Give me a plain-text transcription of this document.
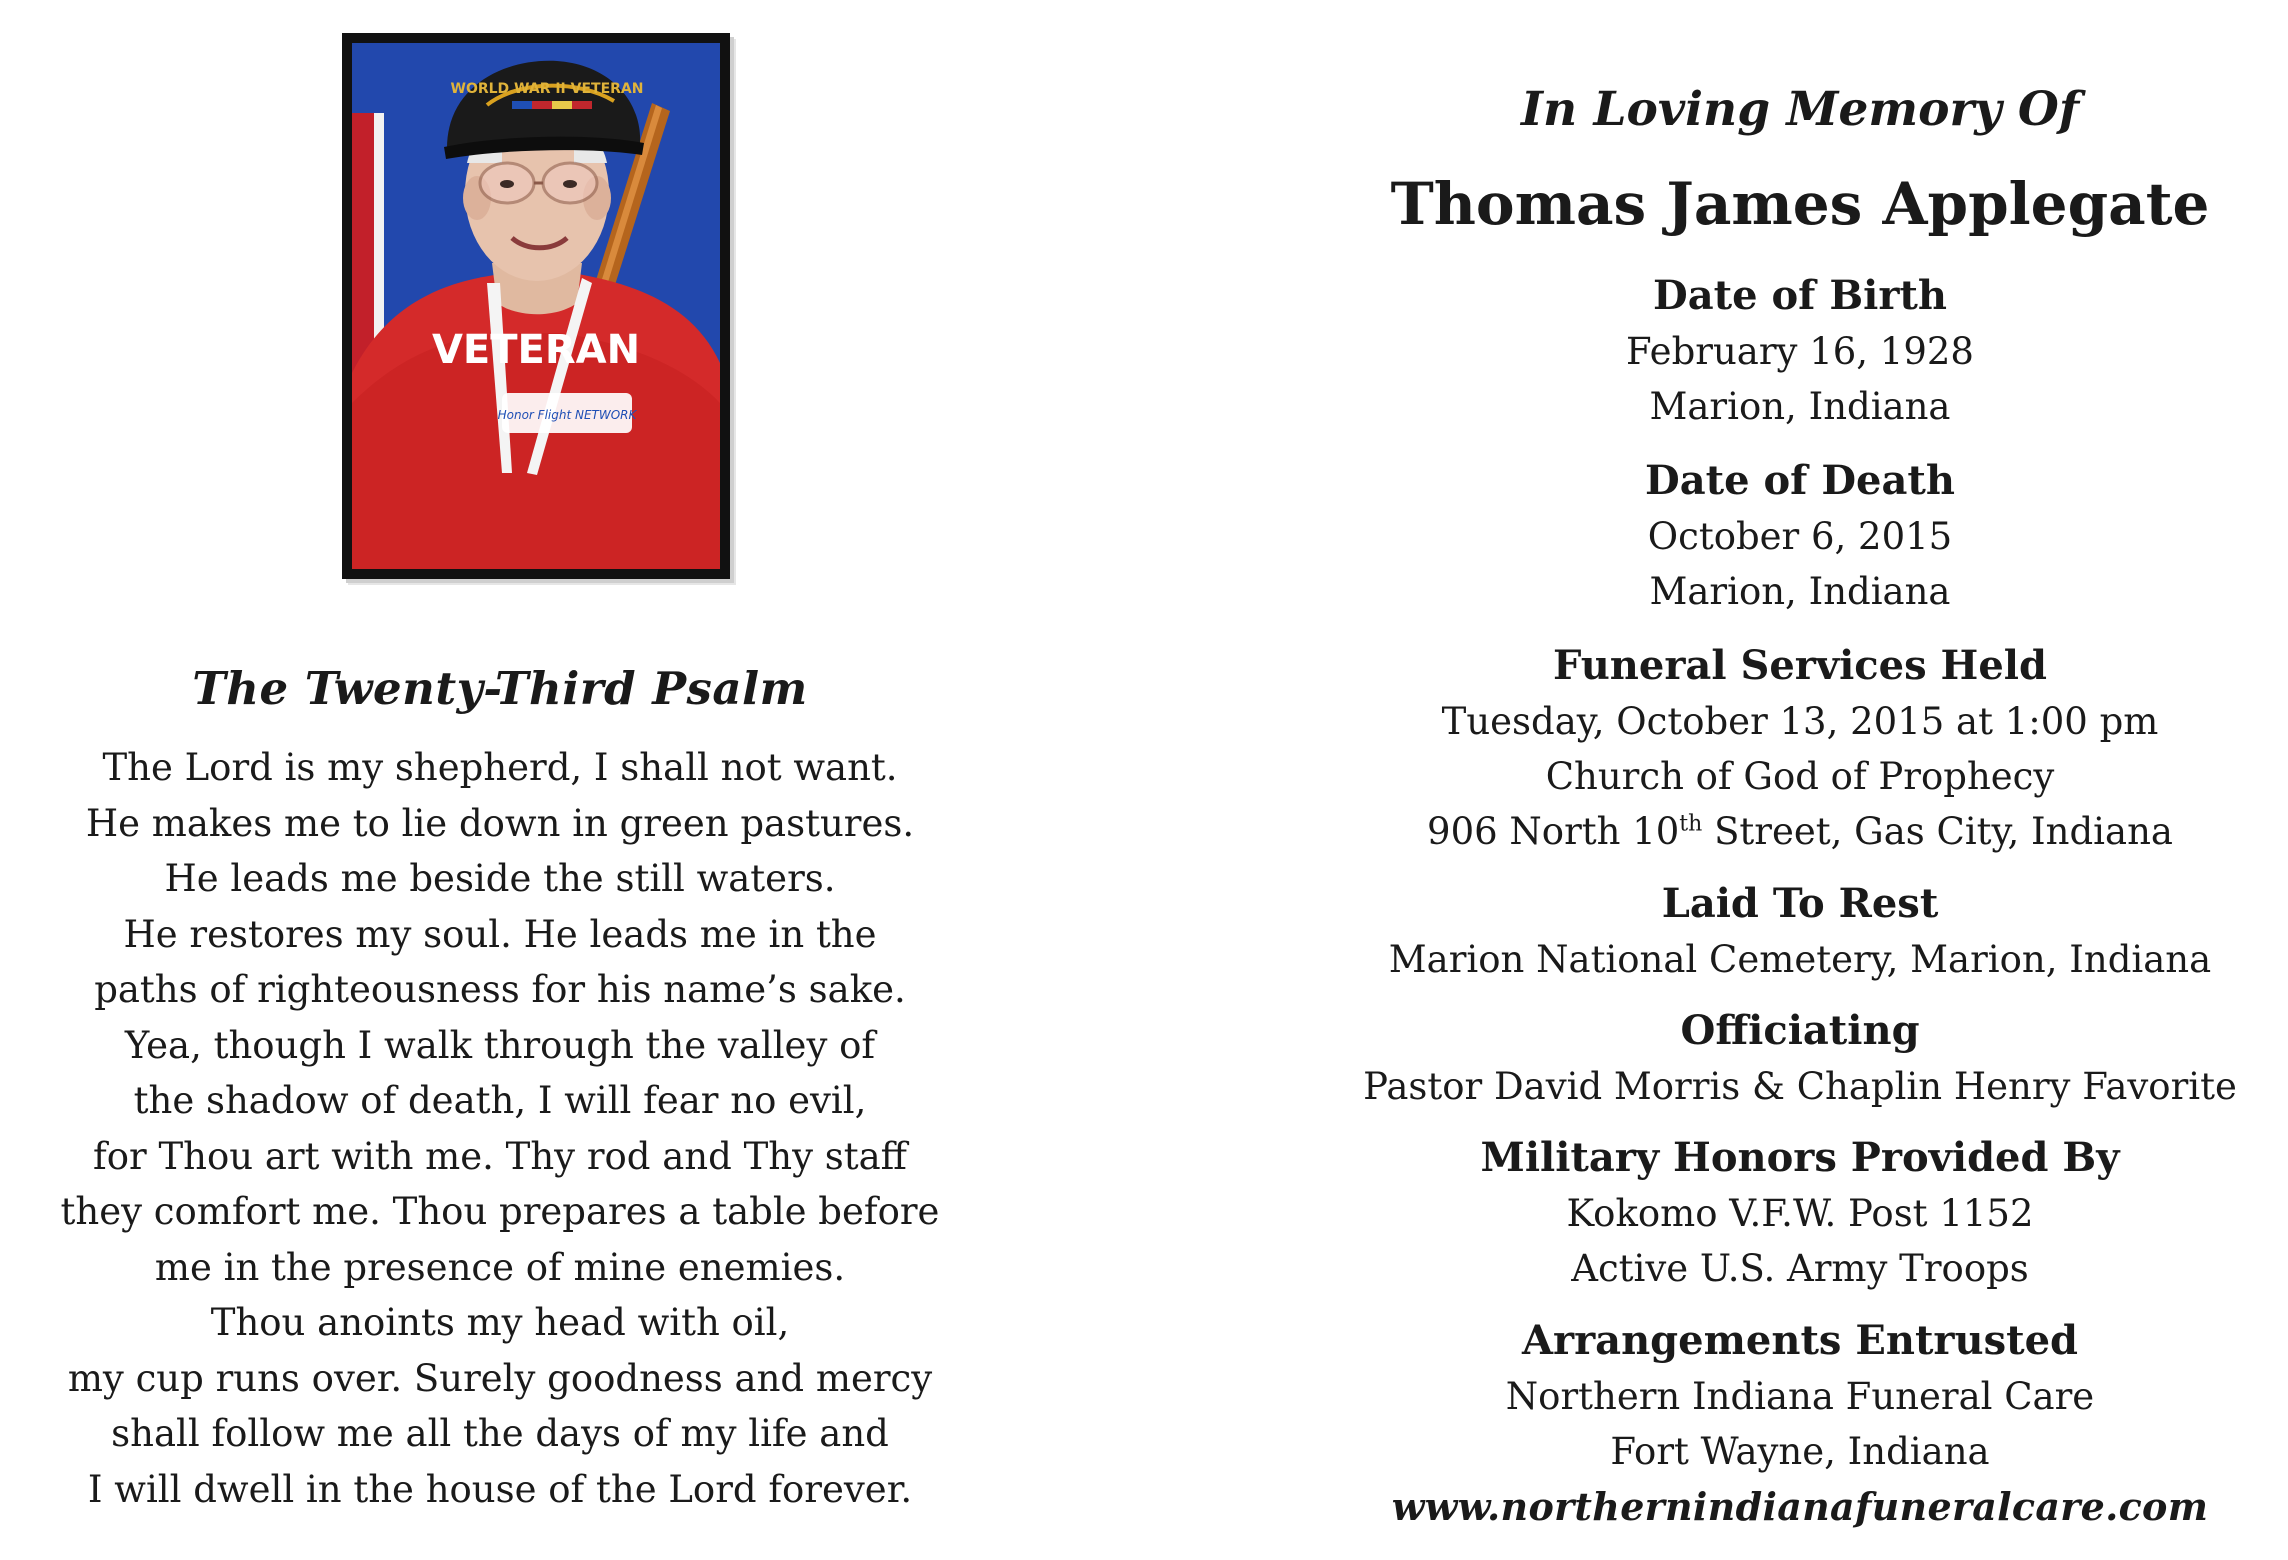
WORLD WAR II VETERAN
VETERAN
Honor Flight NETWORK
The Twenty-Third Psalm
The Lord is my shepherd, I shall not want.
He makes me to lie down in green pastures.
He leads me beside the still waters.
He restores my soul. He leads me in the
paths of righteousness for his name’s sake.
Yea, though I walk through the valley of
the shadow of death, I will fear no evil,
for Thou art with me. Thy rod and Thy staff
they comfort me. Thou prepares a table before
me in the presence of mine enemies.
Thou anoints my head with oil,
my cup runs over. Surely goodness and mercy
shall follow me all the days of my life and
I will dwell in the house of the Lord forever.
In Loving Memory Of
Thomas James Applegate

Date of Birth

February 16, 1928

Marion, Indiana

Date of Death

October 6, 2015

Marion, Indiana

Funeral Services Held

Tuesday, October 13, 2015 at 1:00 pm

Church of God of Prophecy

906 North 10th Street, Gas City, Indiana

Laid To Rest

Marion National Cemetery, Marion, Indiana

Officiating

Pastor David Morris & Chaplin Henry Favorite

Military Honors Provided By

Kokomo V.F.W. Post 1152

Active U.S. Army Troops

Arrangements Entrusted

Northern Indiana Funeral Care

Fort Wayne, Indiana

www.northernindianafuneralcare.com
